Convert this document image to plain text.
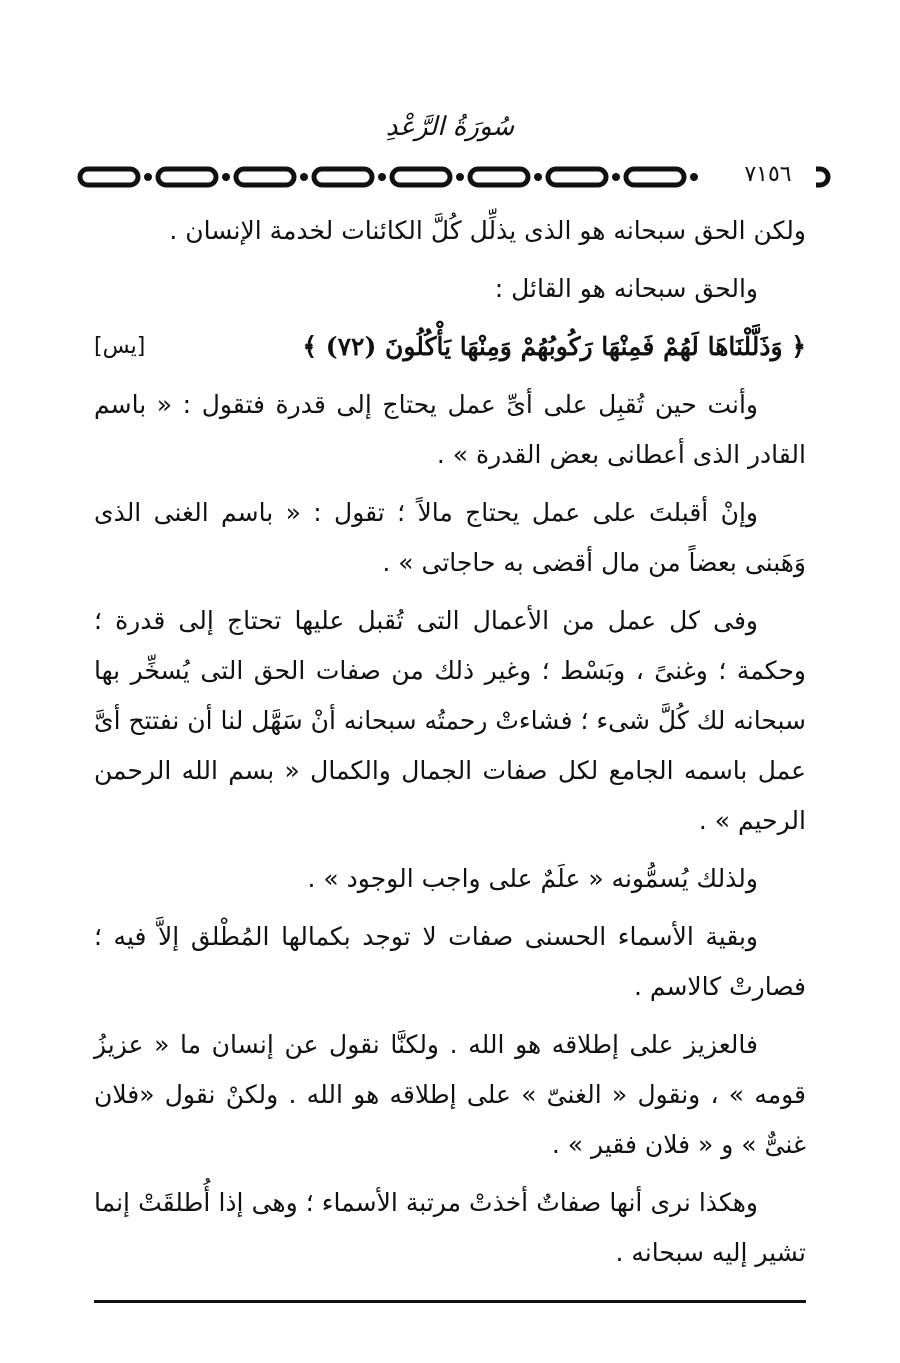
سُورَةُ الرَّعْدِ
٧١٥٦

ولكن الحق سبحانه هو الذى يذلِّل كُلَّ الكائنات لخدمة الإنسان .

والحق سبحانه هو القائل :

﴿ وَذَلَّلْنَاهَا لَهُمْ فَمِنْهَا رَكُوبُهُمْ وَمِنْهَا يَأْكُلُونَ (٧٢) ﴾
[يس]

وأنت حين تُقبِل على أىِّ عمل يحتاج إلى قدرة فتقول : « باسم القادر الذى أعطانى بعض القدرة » .

وإنْ أقبلتَ على عمل يحتاج مالاً ؛ تقول : « باسم الغنى الذى وَهَبنى بعضاً من مال أقضى به حاجاتى » .

وفى كل عمل من الأعمال التى تُقبل عليها تحتاج إلى قدرة ؛ وحكمة ؛ وغنىً ، وبَسْط ؛ وغير ذلك من صفات الحق التى يُسخِّر بها سبحانه لك كُلَّ شىء ؛ فشاءتْ رحمتُه سبحانه أنْ سَهَّل لنا أن نفتتح أىَّ عمل باسمه الجامع لكل صفات الجمال والكمال « بسم الله الرحمن الرحيم » .

ولذلك يُسمُّونه « علَمٌ على واجب الوجود » .

وبقية الأسماء الحسنى صفات لا توجد بكمالها المُطْلق إلاَّ فيه ؛ فصارتْ كالاسم .

فالعزيز على إطلاقه هو الله . ولكنَّا نقول عن إنسان ما « عزيزُ قومه » ، ونقول « الغنىّ » على إطلاقه هو الله . ولكنْ نقول «فلان غنىٌّ » و « فلان فقير » .

وهكذا نرى أنها صفاتٌ أخذتْ مرتبة الأسماء ؛ وهى إذا أُطلقَتْ إنما تشير إليه سبحانه .
